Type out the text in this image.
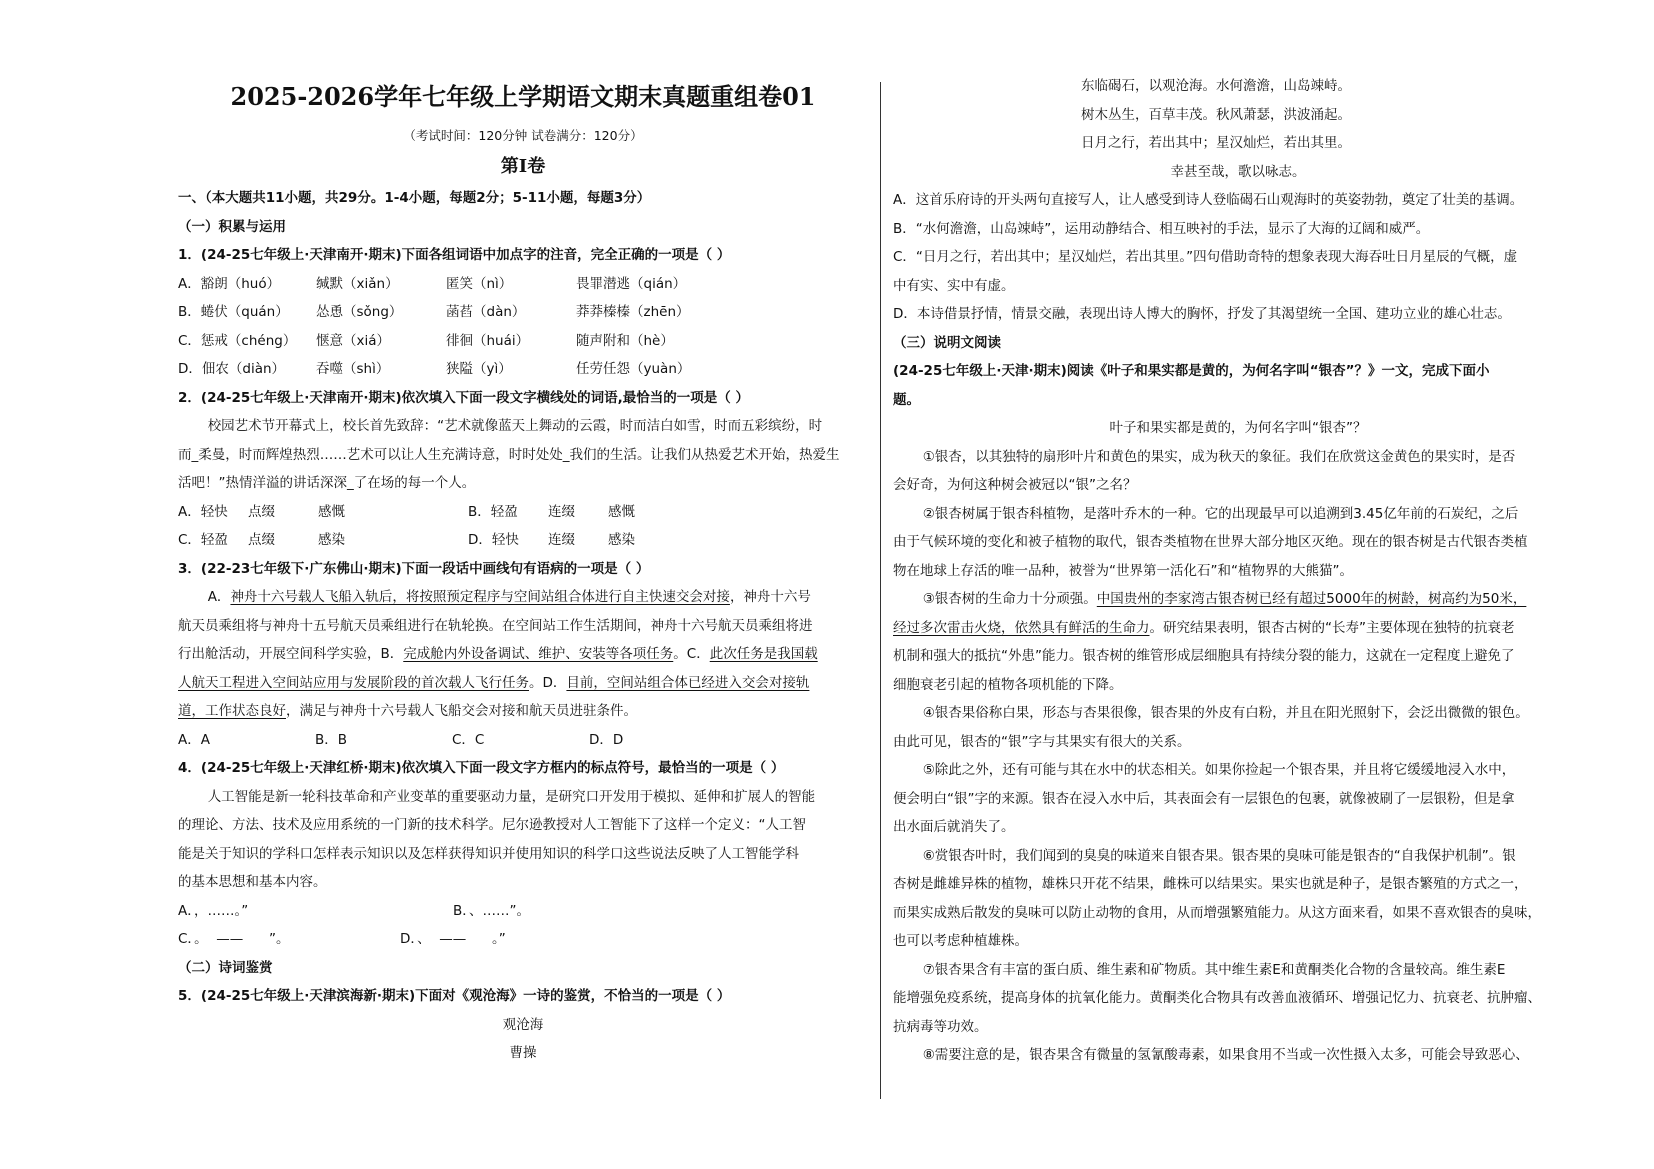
2025-2026学年七年级上学期语文期末真题重组卷01
（考试时间：120分钟 试卷满分：120分）
第Ⅰ卷
一、（本大题共11小题，共29分。1-4小题，每题2分；5-11小题，每题3分）
（一）积累与运用
1．(24-25七年级上·天津南开·期末)下面各组词语中加点字的注音，完全正确的一项是（ ）
A．豁朗（huó）	缄默（xiǎn）	匿笑（nì）	畏罪潜逃（qián）
B．蜷伏（quán）	怂恿（sǒng）	菡萏（dàn）	莽莽榛榛（zhēn）
C．惩戒（chéng）	惬意（xiá）	徘徊（huái）	随声附和（hè）
D．佃农（diàn）	吞噬（shì）	狭隘（yì）	任劳任怨（yuàn）
2．(24-25七年级上·天津南开·期末)依次填入下面一段文字横线处的词语,最恰当的一项是（ ）
校园艺术节开幕式上，校长首先致辞：“艺术就像蓝天上舞动的云霞，时而洁白如雪，时而五彩缤纷，时
而_柔曼，时而辉煌热烈……艺术可以让人生充满诗意，时时处处_我们的生活。让我们从热爱艺术开始，热爱生
活吧！”热情洋溢的讲话深深_了在场的每一个人。
A．轻快	点缀	感慨	B．轻盈	连缀	感慨
C．轻盈	点缀	感染	D．轻快	连缀	感染
3．(22-23七年级下·广东佛山·期末)下面一段话中画线句有语病的一项是（ ）
A．神舟十六号载人飞船入轨后，将按照预定程序与空间站组合体进行自主快速交会对接，神舟十六号
航天员乘组将与神舟十五号航天员乘组进行在轨轮换。在空间站工作生活期间，神舟十六号航天员乘组将进
行出舱活动，开展空间科学实验，B．完成舱内外设备调试、维护、安装等各项任务。C．此次任务是我国载
人航天工程进入空间站应用与发展阶段的首次载人飞行任务。D．目前，空间站组合体已经进入交会对接轨
道，工作状态良好，满足与神舟十六号载人飞船交会对接和航天员进驻条件。
A．A	B．B	C．C	D．D
4．(24-25七年级上·天津红桥·期末)依次填入下面一段文字方框内的标点符号，最恰当的一项是（ ）
人工智能是新一轮科技革命和产业变革的重要驱动力量，是研究口开发用于模拟、延伸和扩展人的智能
的理论、方法、技术及应用系统的一门新的技术科学。尼尔逊教授对人工智能下了这样一个定义：“人工智
能是关于知识的学科口怎样表示知识以及怎样获得知识并使用知识的科学口这些说法反映了人工智能学科
的基本思想和基本内容。
A．，……。”	B．、……”。
C．。  ——      ”。	D．、  ——      。”
（二）诗词鉴赏
5．(24-25七年级上·天津滨海新·期末)下面对《观沧海》一诗的鉴赏，不恰当的一项是（ ）
观沧海
曹操
东临碣石，以观沧海。水何澹澹，山岛竦峙。
树木丛生，百草丰茂。秋风萧瑟，洪波涌起。
日月之行，若出其中；星汉灿烂，若出其里。
幸甚至哉，歌以咏志。
A．这首乐府诗的开头两句直接写人，让人感受到诗人登临碣石山观海时的英姿勃勃，奠定了壮美的基调。
B．“水何澹澹，山岛竦峙”，运用动静结合、相互映衬的手法，显示了大海的辽阔和威严。
C．“日月之行，若出其中；星汉灿烂，若出其里。”四句借助奇特的想象表现大海吞吐日月星辰的气概，虚
中有实、实中有虚。
D．本诗借景抒情，情景交融，表现出诗人博大的胸怀，抒发了其渴望统一全国、建功立业的雄心壮志。
（三）说明文阅读
(24-25七年级上·天津·期末)阅读《叶子和果实都是黄的，为何名字叫“银杏”？》一文，完成下面小
题。
叶子和果实都是黄的，为何名字叫“银杏”？
①银杏，以其独特的扇形叶片和黄色的果实，成为秋天的象征。我们在欣赏这金黄色的果实时，是否
会好奇，为何这种树会被冠以“银”之名？
②银杏树属于银杏科植物，是落叶乔木的一种。它的出现最早可以追溯到3.45亿年前的石炭纪，之后
由于气候环境的变化和被子植物的取代，银杏类植物在世界大部分地区灭绝。现在的银杏树是古代银杏类植
物在地球上存活的唯一品种，被誉为“世界第一活化石”和“植物界的大熊猫”。
③银杏树的生命力十分顽强。中国贵州的李家湾古银杏树已经有超过5000年的树龄，树高约为50米，
经过多次雷击火烧，依然具有鲜活的生命力。研究结果表明，银杏古树的“长寿”主要体现在独特的抗衰老
机制和强大的抵抗“外患”能力。银杏树的维管形成层细胞具有持续分裂的能力，这就在一定程度上避免了
细胞衰老引起的植物各项机能的下降。
④银杏果俗称白果，形态与杏果很像，银杏果的外皮有白粉，并且在阳光照射下，会泛出微微的银色。
由此可见，银杏的“银”字与其果实有很大的关系。
⑤除此之外，还有可能与其在水中的状态相关。如果你捡起一个银杏果，并且将它缓缓地浸入水中，
便会明白“银”字的来源。银杏在浸入水中后，其表面会有一层银色的包裹，就像被刷了一层银粉，但是拿
出水面后就消失了。
⑥赏银杏叶时，我们闻到的臭臭的味道来自银杏果。银杏果的臭味可能是银杏的“自我保护机制”。银
杏树是雌雄异株的植物，雄株只开花不结果，雌株可以结果实。果实也就是种子，是银杏繁殖的方式之一，
而果实成熟后散发的臭味可以防止动物的食用，从而增强繁殖能力。从这方面来看，如果不喜欢银杏的臭味，
也可以考虑种植雄株。
⑦银杏果含有丰富的蛋白质、维生素和矿物质。其中维生素E和黄酮类化合物的含量较高。维生素E
能增强免疫系统，提高身体的抗氧化能力。黄酮类化合物具有改善血液循环、增强记忆力、抗衰老、抗肿瘤、
抗病毒等功效。
⑧需要注意的是，银杏果含有微量的氢氰酸毒素，如果食用不当或一次性摄入太多，可能会导致恶心、
